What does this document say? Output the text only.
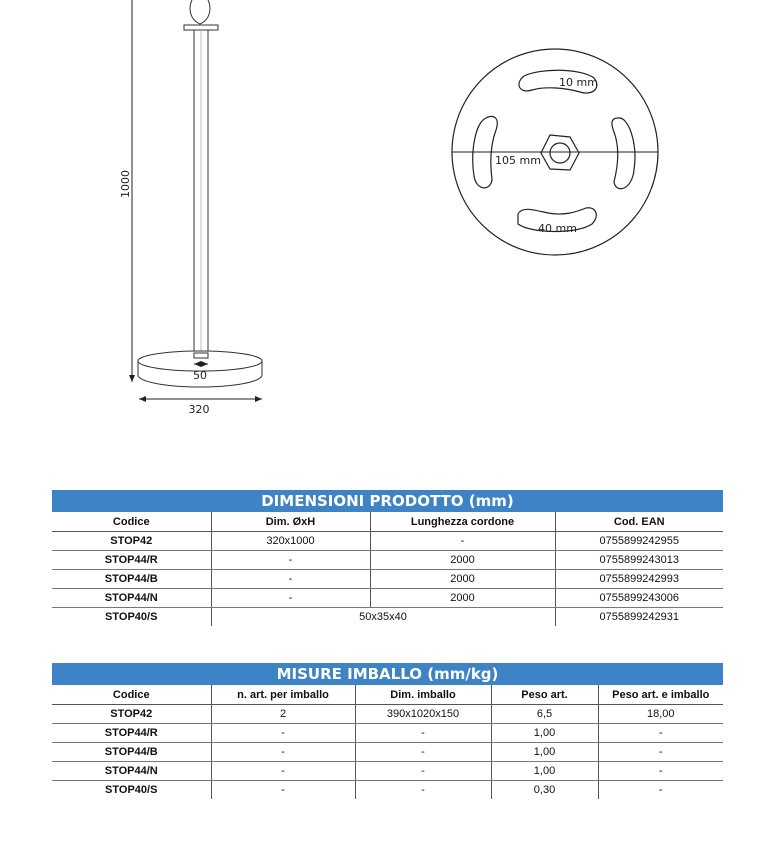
1000
50
320
10 mm
105 mm
40 mm
DIMENSIONI PRODOTTO (mm)
Codice	Dim. ØxH	Lunghezza cordone	Cod. EAN
STOP42	320x1000	-	0755899242955
STOP44/R	-	2000	0755899243013
STOP44/B	-	2000	0755899242993
STOP44/N	-	2000	0755899243006
STOP40/S	50x35x40		0755899242931
MISURE IMBALLO (mm/kg)
Codice	n. art. per imballo	Dim. imballo	Peso art.	Peso art. e imballo
STOP42	2	390x1020x150	6,5	18,00
STOP44/R	-	-	1,00	-
STOP44/B	-	-	1,00	-
STOP44/N	-	-	1,00	-
STOP40/S	-	-	0,30	-
